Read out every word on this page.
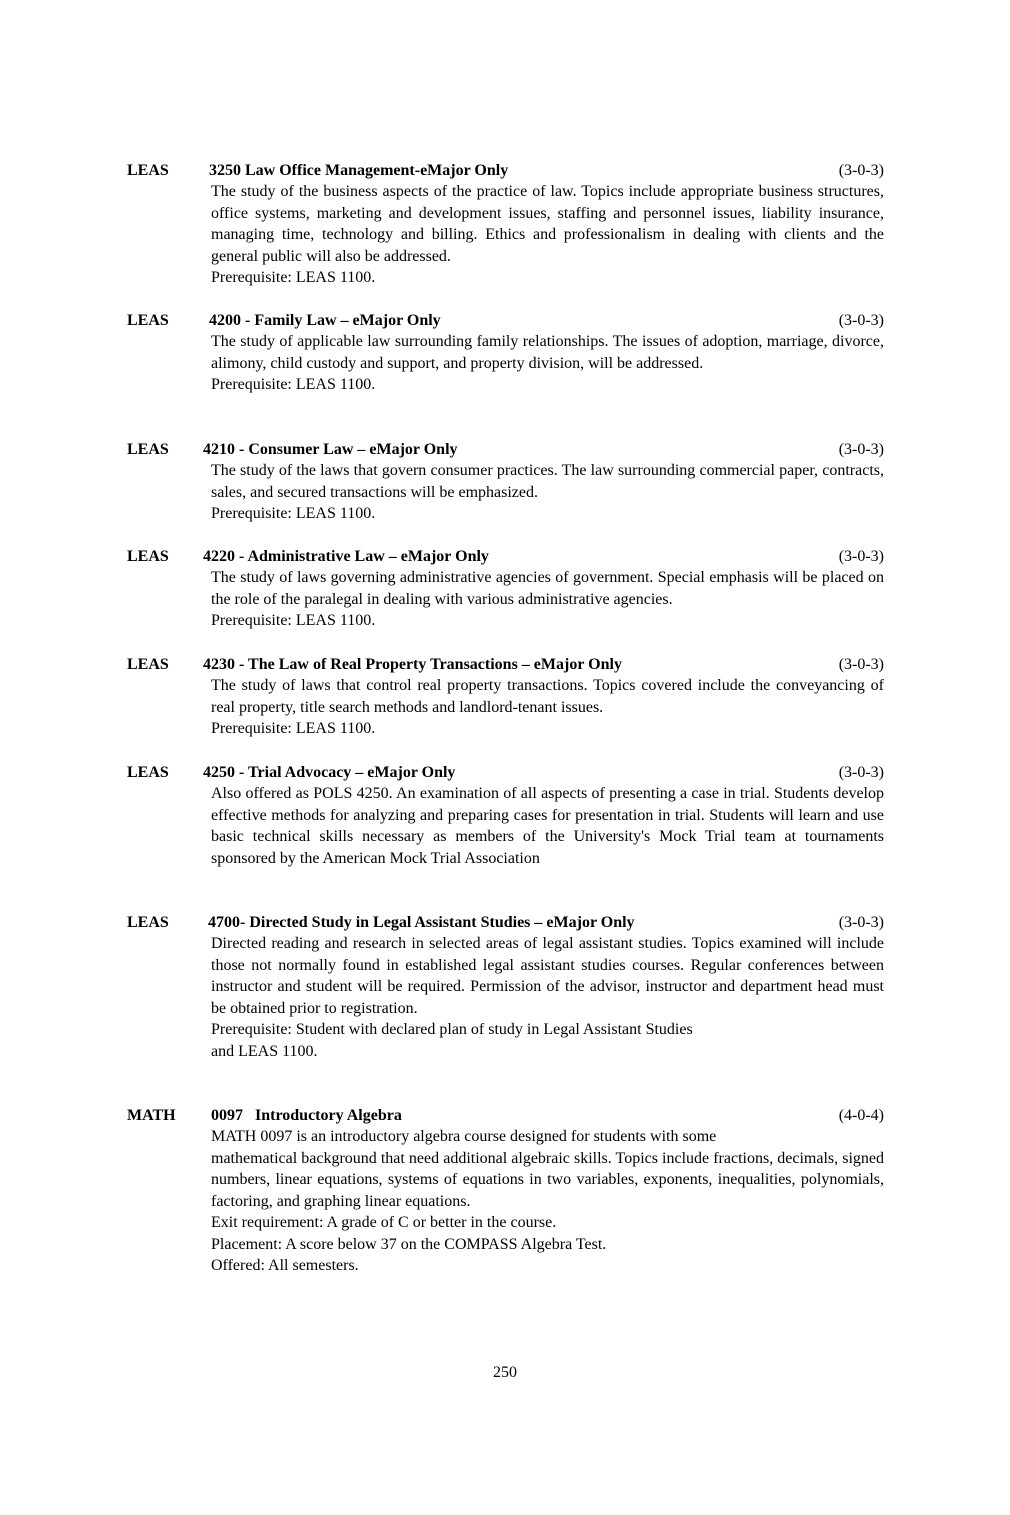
LEAS	3250 Law Office Management-eMajor Only	(3-0-3)

The study of the business aspects of the practice of law. Topics include appropriate business structures, office systems, marketing and development issues, staffing and personnel issues, liability insurance, managing time, technology and billing. Ethics and professionalism in dealing with clients and the general public will also be addressed.

Prerequisite: LEAS 1100.

LEAS	4200 - Family Law – eMajor Only	(3-0-3)

The study of applicable law surrounding family relationships. The issues of adoption, marriage, divorce, alimony, child custody and support, and property division, will be addressed.

Prerequisite: LEAS 1100.

LEAS 4210 - Consumer Law – eMajor Only	(3-0-3)

The study of the laws that govern consumer practices. The law surrounding commercial paper, contracts, sales, and secured transactions will be emphasized.

Prerequisite: LEAS 1100.

LEAS 4220 - Administrative Law – eMajor Only	(3-0-3)

The study of laws governing administrative agencies of government. Special emphasis will be placed on the role of the paralegal in dealing with various administrative agencies.

Prerequisite: LEAS 1100.

LEAS 4230 - The Law of Real Property Transactions – eMajor Only	(3-0-3)

The study of laws that control real property transactions. Topics covered include the conveyancing of real property, title search methods and landlord-tenant issues.

Prerequisite: LEAS 1100.

LEAS 4250 - Trial Advocacy – eMajor Only	(3-0-3)

Also offered as POLS 4250. An examination of all aspects of presenting a case in trial. Students develop effective methods for analyzing and preparing cases for presentation in trial. Students will learn and use basic technical skills necessary as members of the University's Mock Trial team at tournaments sponsored by the American Mock Trial Association

LEAS 4700- Directed Study in Legal Assistant Studies – eMajor Only	(3-0-3)

Directed reading and research in selected areas of legal assistant studies. Topics examined will include those not normally found in established legal assistant studies courses. Regular conferences between instructor and student will be required. Permission of the advisor, instructor and department head must be obtained prior to registration.

Prerequisite: Student with declared plan of study in Legal Assistant Studies

and LEAS 1100.

MATH 0097   Introductory Algebra	(4-0-4)

MATH 0097 is an introductory algebra course designed for students with some

mathematical background that need additional algebraic skills. Topics include fractions, decimals, signed numbers, linear equations, systems of equations in two variables, exponents, inequalities, polynomials, factoring, and graphing linear equations.

Exit requirement: A grade of C or better in the course.

Placement: A score below 37 on the COMPASS Algebra Test.

Offered: All semesters.

250
